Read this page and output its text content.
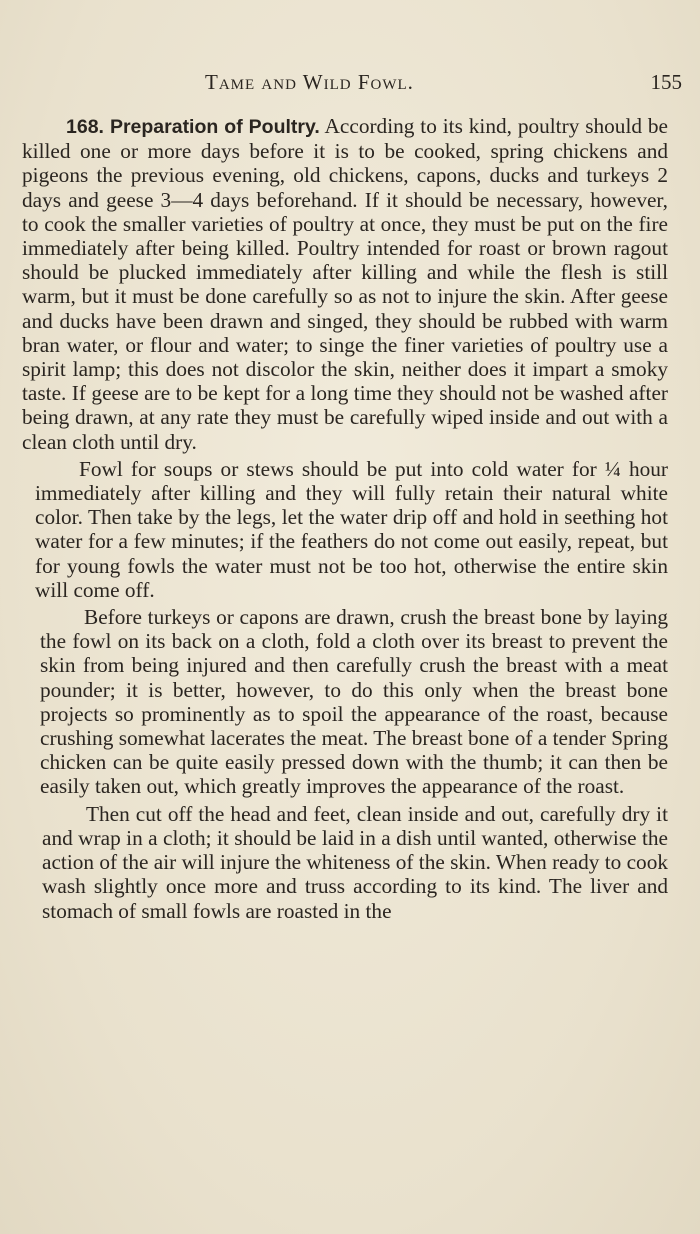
Tame and Wild Fowl.	155

168. Preparation of Poultry. According to its kind, poultry should be killed one or more days before it is to be cooked, spring chickens and pigeons the previous evening, old chickens, capons, ducks and turkeys 2 days and geese 3—4 days beforehand. If it should be necessary, however, to cook the smaller varieties of poultry at once, they must be put on the fire immediately after being killed. Poultry intended for roast or brown ragout should be plucked immediately after killing and while the flesh is still warm, but it must be done carefully so as not to injure the skin. After geese and ducks have been drawn and singed, they should be rubbed with warm bran water, or flour and water; to singe the finer varieties of poultry use a spirit lamp; this does not discolor the skin, neither does it impart a smoky taste. If geese are to be kept for a long time they should not be washed after being drawn, at any rate they must be carefully wiped inside and out with a clean cloth until dry.

Fowl for soups or stews should be put into cold water for ¼ hour immediately after killing and they will fully retain their natural white color. Then take by the legs, let the water drip off and hold in seething hot water for a few minutes; if the feathers do not come out easily, repeat, but for young fowls the water must not be too hot, otherwise the entire skin will come off.

Before turkeys or capons are drawn, crush the breast bone by laying the fowl on its back on a cloth, fold a cloth over its breast to prevent the skin from being injured and then carefully crush the breast with a meat pounder; it is better, however, to do this only when the breast bone projects so prominently as to spoil the appearance of the roast, because crushing somewhat lacerates the meat. The breast bone of a tender Spring chicken can be quite easily pressed down with the thumb; it can then be easily taken out, which greatly improves the appearance of the roast.

Then cut off the head and feet, clean inside and out, carefully dry it and wrap in a cloth; it should be laid in a dish until wanted, otherwise the action of the air will injure the whiteness of the skin. When ready to cook wash slightly once more and truss according to its kind. The liver and stomach of small fowls are roasted in the
